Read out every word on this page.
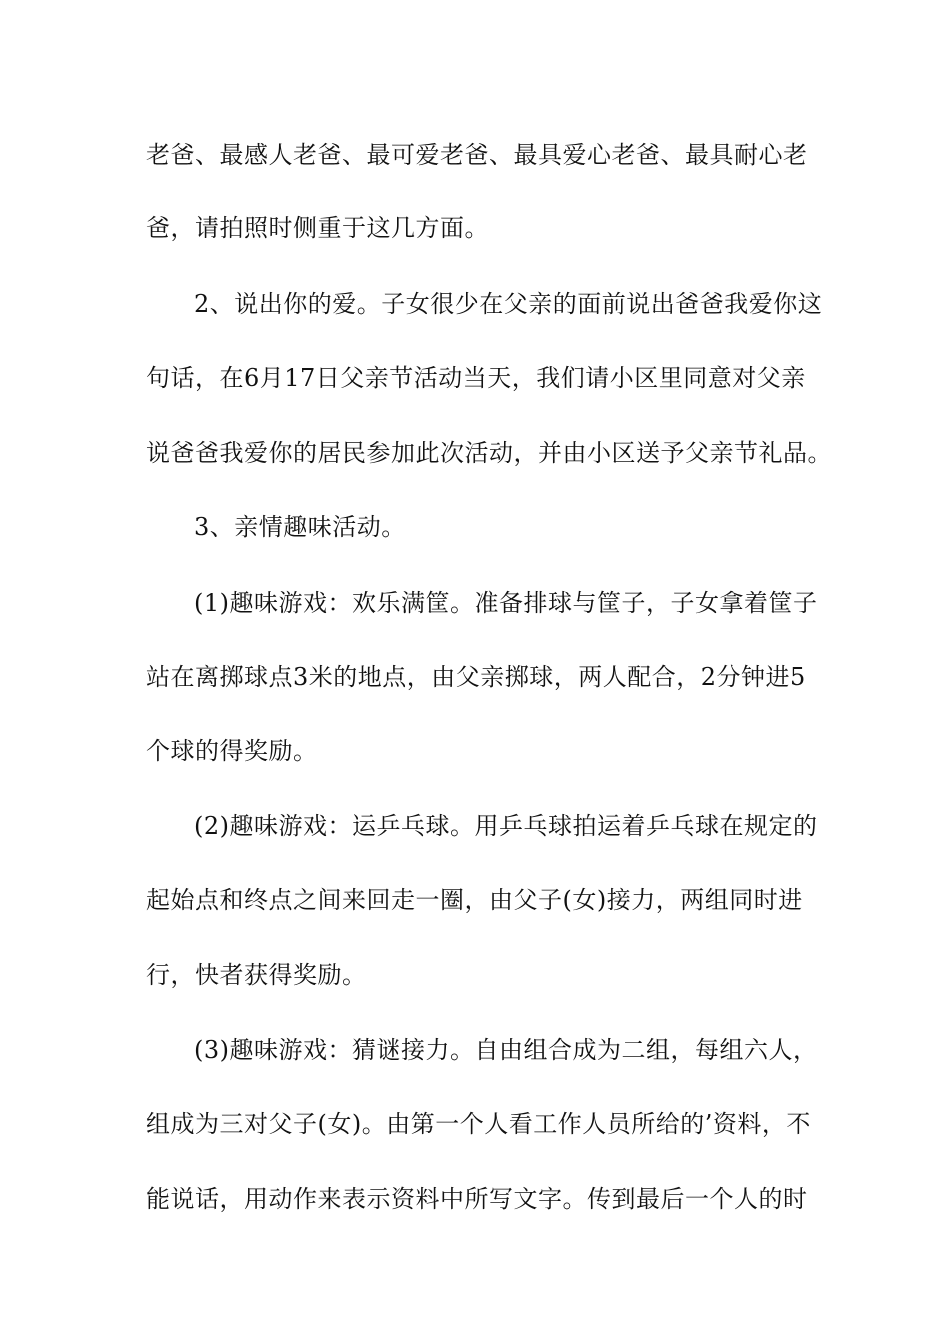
老爸、最感人老爸、最可爱老爸、最具爱心老爸、最具耐心老
爸，请拍照时侧重于这几方面。
2、说出你的爱。子女很少在父亲的面前说出爸爸我爱你这
句话，在6月17日父亲节活动当天，我们请小区里同意对父亲
说爸爸我爱你的居民参加此次活动，并由小区送予父亲节礼品。
3、亲情趣味活动。
(1)趣味游戏：欢乐满筐。准备排球与筐子，子女拿着筐子
站在离掷球点3米的地点，由父亲掷球，两人配合，2分钟进5
个球的得奖励。
(2)趣味游戏：运乒乓球。用乒乓球拍运着乒乓球在规定的
起始点和终点之间来回走一圈，由父子(女)接力，两组同时进
行，快者获得奖励。
(3)趣味游戏：猜谜接力。自由组合成为二组，每组六人，
组成为三对父子(女)。由第一个人看工作人员所给的’资料，不
能说话，用动作来表示资料中所写文字。传到最后一个人的时
